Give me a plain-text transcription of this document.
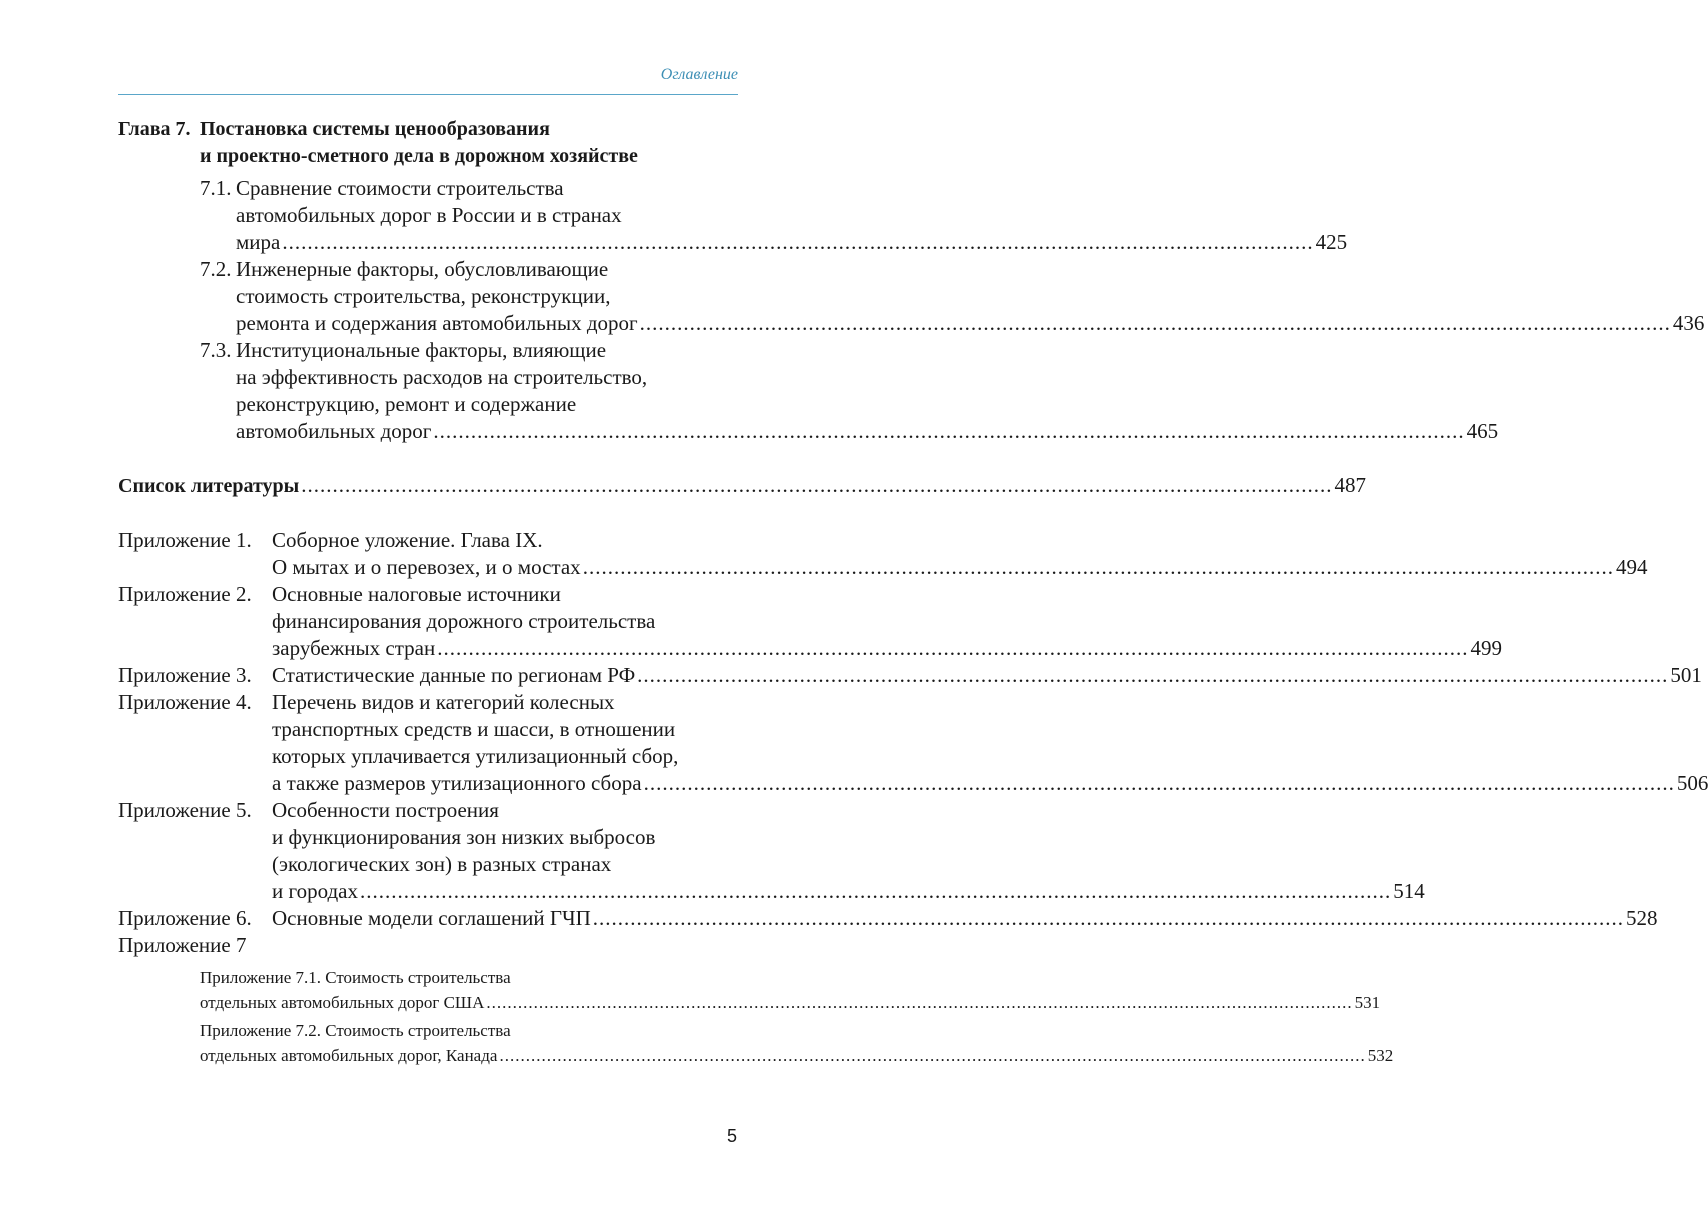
Оглавление
Глава 7. Постановка системы ценообразования
и проектно-сметного дела в дорожном хозяйстве
7.1. Сравнение стоимости строительства
автомобильных дорог в России и в странах
мира .....	425
7.2. Инженерные факторы, обусловливающие
стоимость строительства, реконструкции,
ремонта и содержания автомобильных дорог .....	436
7.3. Институциональные факторы, влияющие
на эффективность расходов на строительство,
реконструкцию, ремонт и содержание
автомобильных дорог .....	465
Список литературы .....	487
Приложение 1. Соборное уложение. Глава IX.
О мытах и о перевозех, и о мостах .....	494
Приложение 2. Основные налоговые источники
финансирования дорожного строительства
зарубежных стран .....	499
Приложение 3. Статистические данные по регионам РФ .....	501
Приложение 4. Перечень видов и категорий колесных
транспортных средств и шасси, в отношении
которых уплачивается утилизационный сбор,
а также размеров утилизационного сбора .....	506
Приложение 5. Особенности построения
и функционирования зон низких выбросов
(экологических зон) в разных странах
и городах .....	514
Приложение 6. Основные модели соглашений ГЧП .....	528
Приложение 7
Приложение 7.1. Стоимость строительства
отдельных автомобильных дорог США .....	531
Приложение 7.2. Стоимость строительства
отдельных автомобильных дорог, Канада .....	532
5
